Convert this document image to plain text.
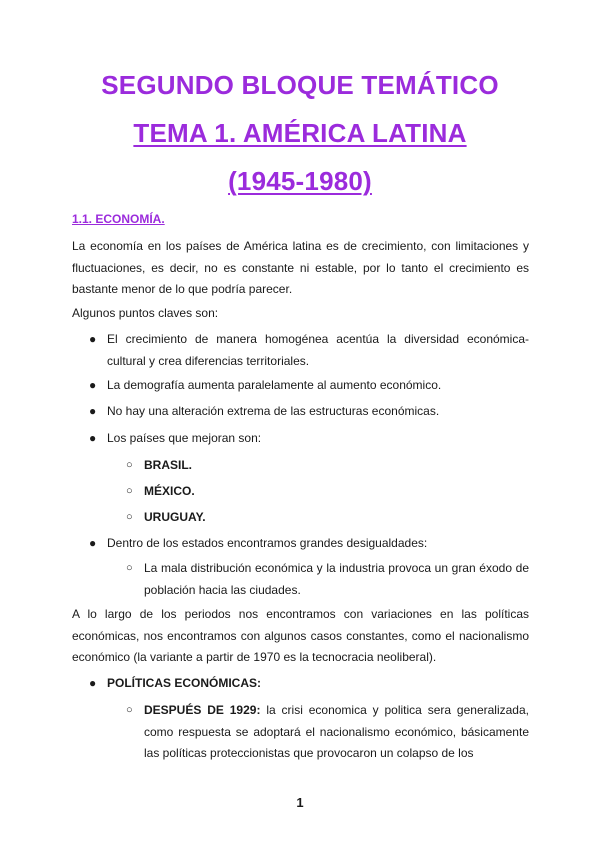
SEGUNDO BLOQUE TEMÁTICO
TEMA 1. AMÉRICA LATINA
(1945-1980)
1.1. ECONOMÍA.

La economía en los países de América latina es de crecimiento, con limitaciones y fluctuaciones, es decir, no es constante ni estable, por lo tanto el crecimiento es bastante menor de lo que podría parecer.

Algunos puntos claves son:

● El crecimiento de manera homogénea acentúa la diversidad económica-cultural y crea diferencias territoriales.

● La demografía aumenta paralelamente al aumento económico.

● No hay una alteración extrema de las estructuras económicas.

● Los países que mejoran son:

○ BRASIL.

○ MÉXICO.

○ URUGUAY.

● Dentro de los estados encontramos grandes desigualdades:

○ La mala distribución económica y la industria provoca un gran éxodo de población hacia las ciudades.

A lo largo de los periodos nos encontramos con variaciones en las políticas económicas, nos encontramos con algunos casos constantes, como el nacionalismo económico (la variante a partir de 1970 es la tecnocracia neoliberal).

● POLÍTICAS ECONÓMICAS:

○ DESPUÉS DE 1929: la crisi economica y politica sera generalizada, como respuesta se adoptará el nacionalismo económico, básicamente las políticas proteccionistas que provocaron un colapso de los

1
